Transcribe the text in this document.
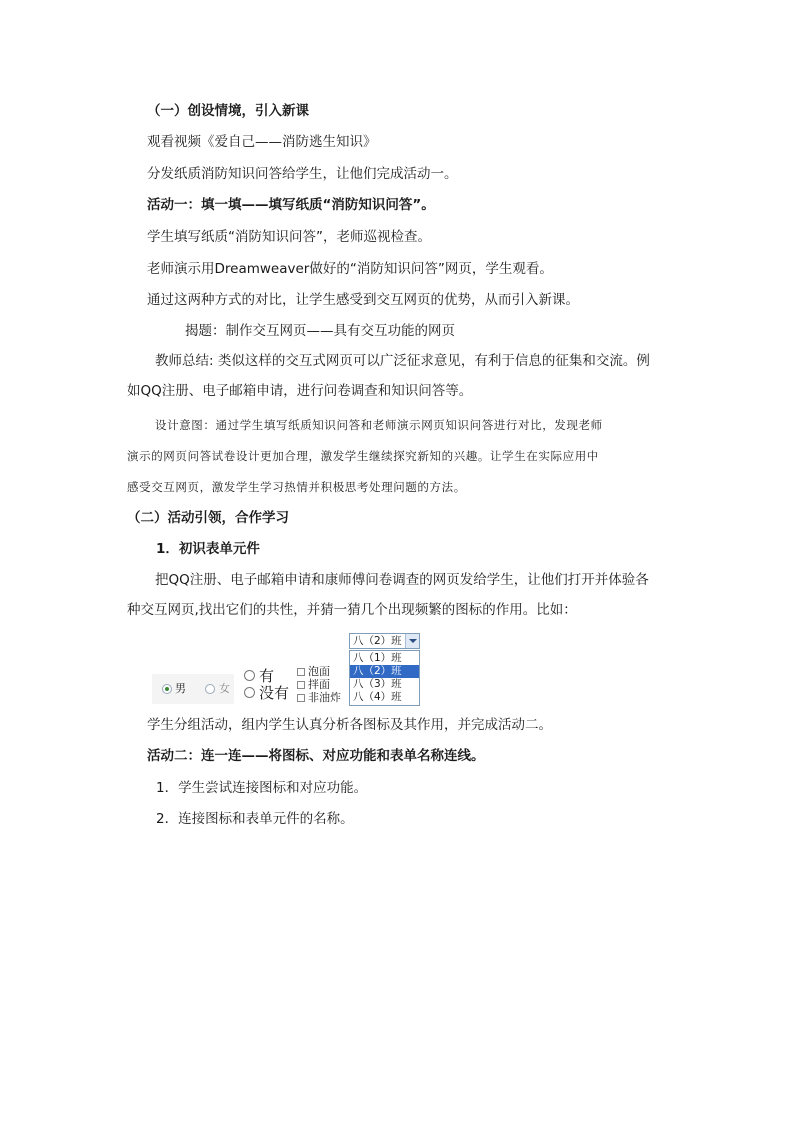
（一）创设情境，引入新课
观看视频《爱自己——消防逃生知识》
分发纸质消防知识问答给学生，让他们完成活动一。
活动一：填一填——填写纸质“消防知识问答”。
学生填写纸质“消防知识问答”，老师巡视检查。
老师演示用Dreamweaver做好的“消防知识问答”网页，学生观看。
通过这两种方式的对比，让学生感受到交互网页的优势，从而引入新课。
揭题：制作交互网页——具有交互功能的网页
教师总结: 类似这样的交互式网页可以广泛征求意见，有利于信息的征集和交流。例
如QQ注册、电子邮箱申请，进行问卷调查和知识问答等。
设计意图：通过学生填写纸质知识问答和老师演示网页知识问答进行对比，发现老师
演示的网页问答试卷设计更加合理，激发学生继续探究新知的兴趣。让学生在实际应用中
感受交互网页，激发学生学习热情并积极思考处理问题的方法。
（二）活动引领，合作学习
1．初识表单元件
把QQ注册、电子邮箱申请和康师傅问卷调查的网页发给学生，让他们打开并体验各
种交互网页,找出它们的共性，并猜一猜几个出现频繁的图标的作用。比如：
男	女
有
没有
泡面
拌面
非油炸
八（2）班
八（1）班
八（2）班
八（3）班
八（4）班
学生分组活动，组内学生认真分析各图标及其作用，并完成活动二。
活动二：连一连——将图标、对应功能和表单名称连线。
1．学生尝试连接图标和对应功能。
2．连接图标和表单元件的名称。
